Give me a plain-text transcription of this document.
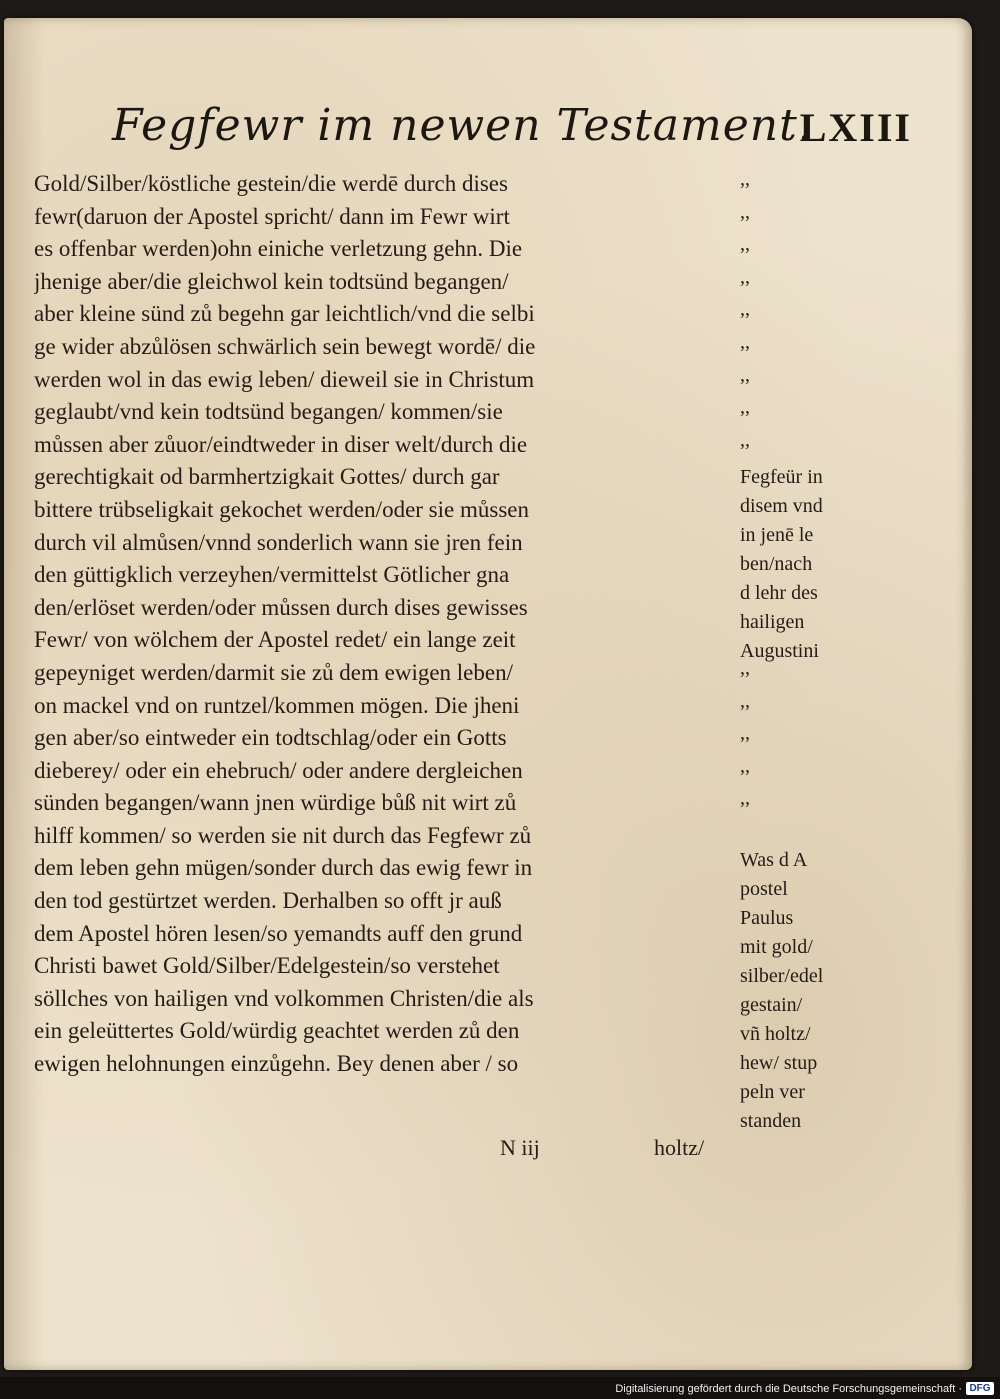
Fegfewr im newen Testament.
LXIII
Gold/Silber/köstliche gestein/die werdē durch dises
fewr(daruon der Apostel spricht/ dann im Fewr wirt
es offenbar werden)ohn einiche verletzung gehn. Die
jhenige aber/die gleichwol kein todtsünd begangen/
aber kleine sünd zů begehn gar leichtlich/vnd die selbi
ge wider abzůlösen schwärlich sein bewegt wordē/ die
werden wol in das ewig leben/ dieweil sie in Christum
geglaubt/vnd kein todtsünd begangen/ kommen/sie
můssen aber zůuor/eindtweder in diser welt/durch die
gerechtigkait od barmhertzigkait Gottes/ durch gar
bittere trübseligkait gekochet werden/oder sie můssen
durch vil almůsen/vnnd sonderlich wann sie jren fein
den güttigklich verzeyhen/vermittelst Götlicher gna
den/erlöset werden/oder můssen durch dises gewisses
Fewr/ von wölchem der Apostel redet/ ein lange zeit
gepeyniget werden/darmit sie zů dem ewigen leben/
on mackel vnd on runtzel/kommen mögen. Die jheni
gen aber/so eintweder ein todtschlag/oder ein Gotts
dieberey/ oder ein ehebruch/ oder andere dergleichen
sünden begangen/wann jnen würdige bůß nit wirt zů
hilff kommen/ so werden sie nit durch das Fegfewr zů
dem leben gehn mügen/sonder durch das ewig fewr in
den tod gestürtzet werden. Derhalben so offt jr auß
dem Apostel hören lesen/so yemandts auff den grund
Christi bawet Gold/Silber/Edelgestein/so verstehet
söllches von hailigen vnd volkommen Christen/die als
ein geleüttertes Gold/würdig geachtet werden zů den
ewigen helohnungen einzůgehn. Bey denen aber / so
,,
,,
,,
,,
,,
,,
,,
,,
,,
,,
,,
,,
,,
,,
Fegfeür in
disem vnd
in jenē le
ben/nach
d lehr des
hailigen
Augustini
Was d A
postel
Paulus
mit gold/
silber/edel
gestain/
vñ holtz/
hew/ stup
peln ver
standen
N iij	holtz/
Digitalisierung gefördert durch die Deutsche Forschungsgemeinschaft · DFG
